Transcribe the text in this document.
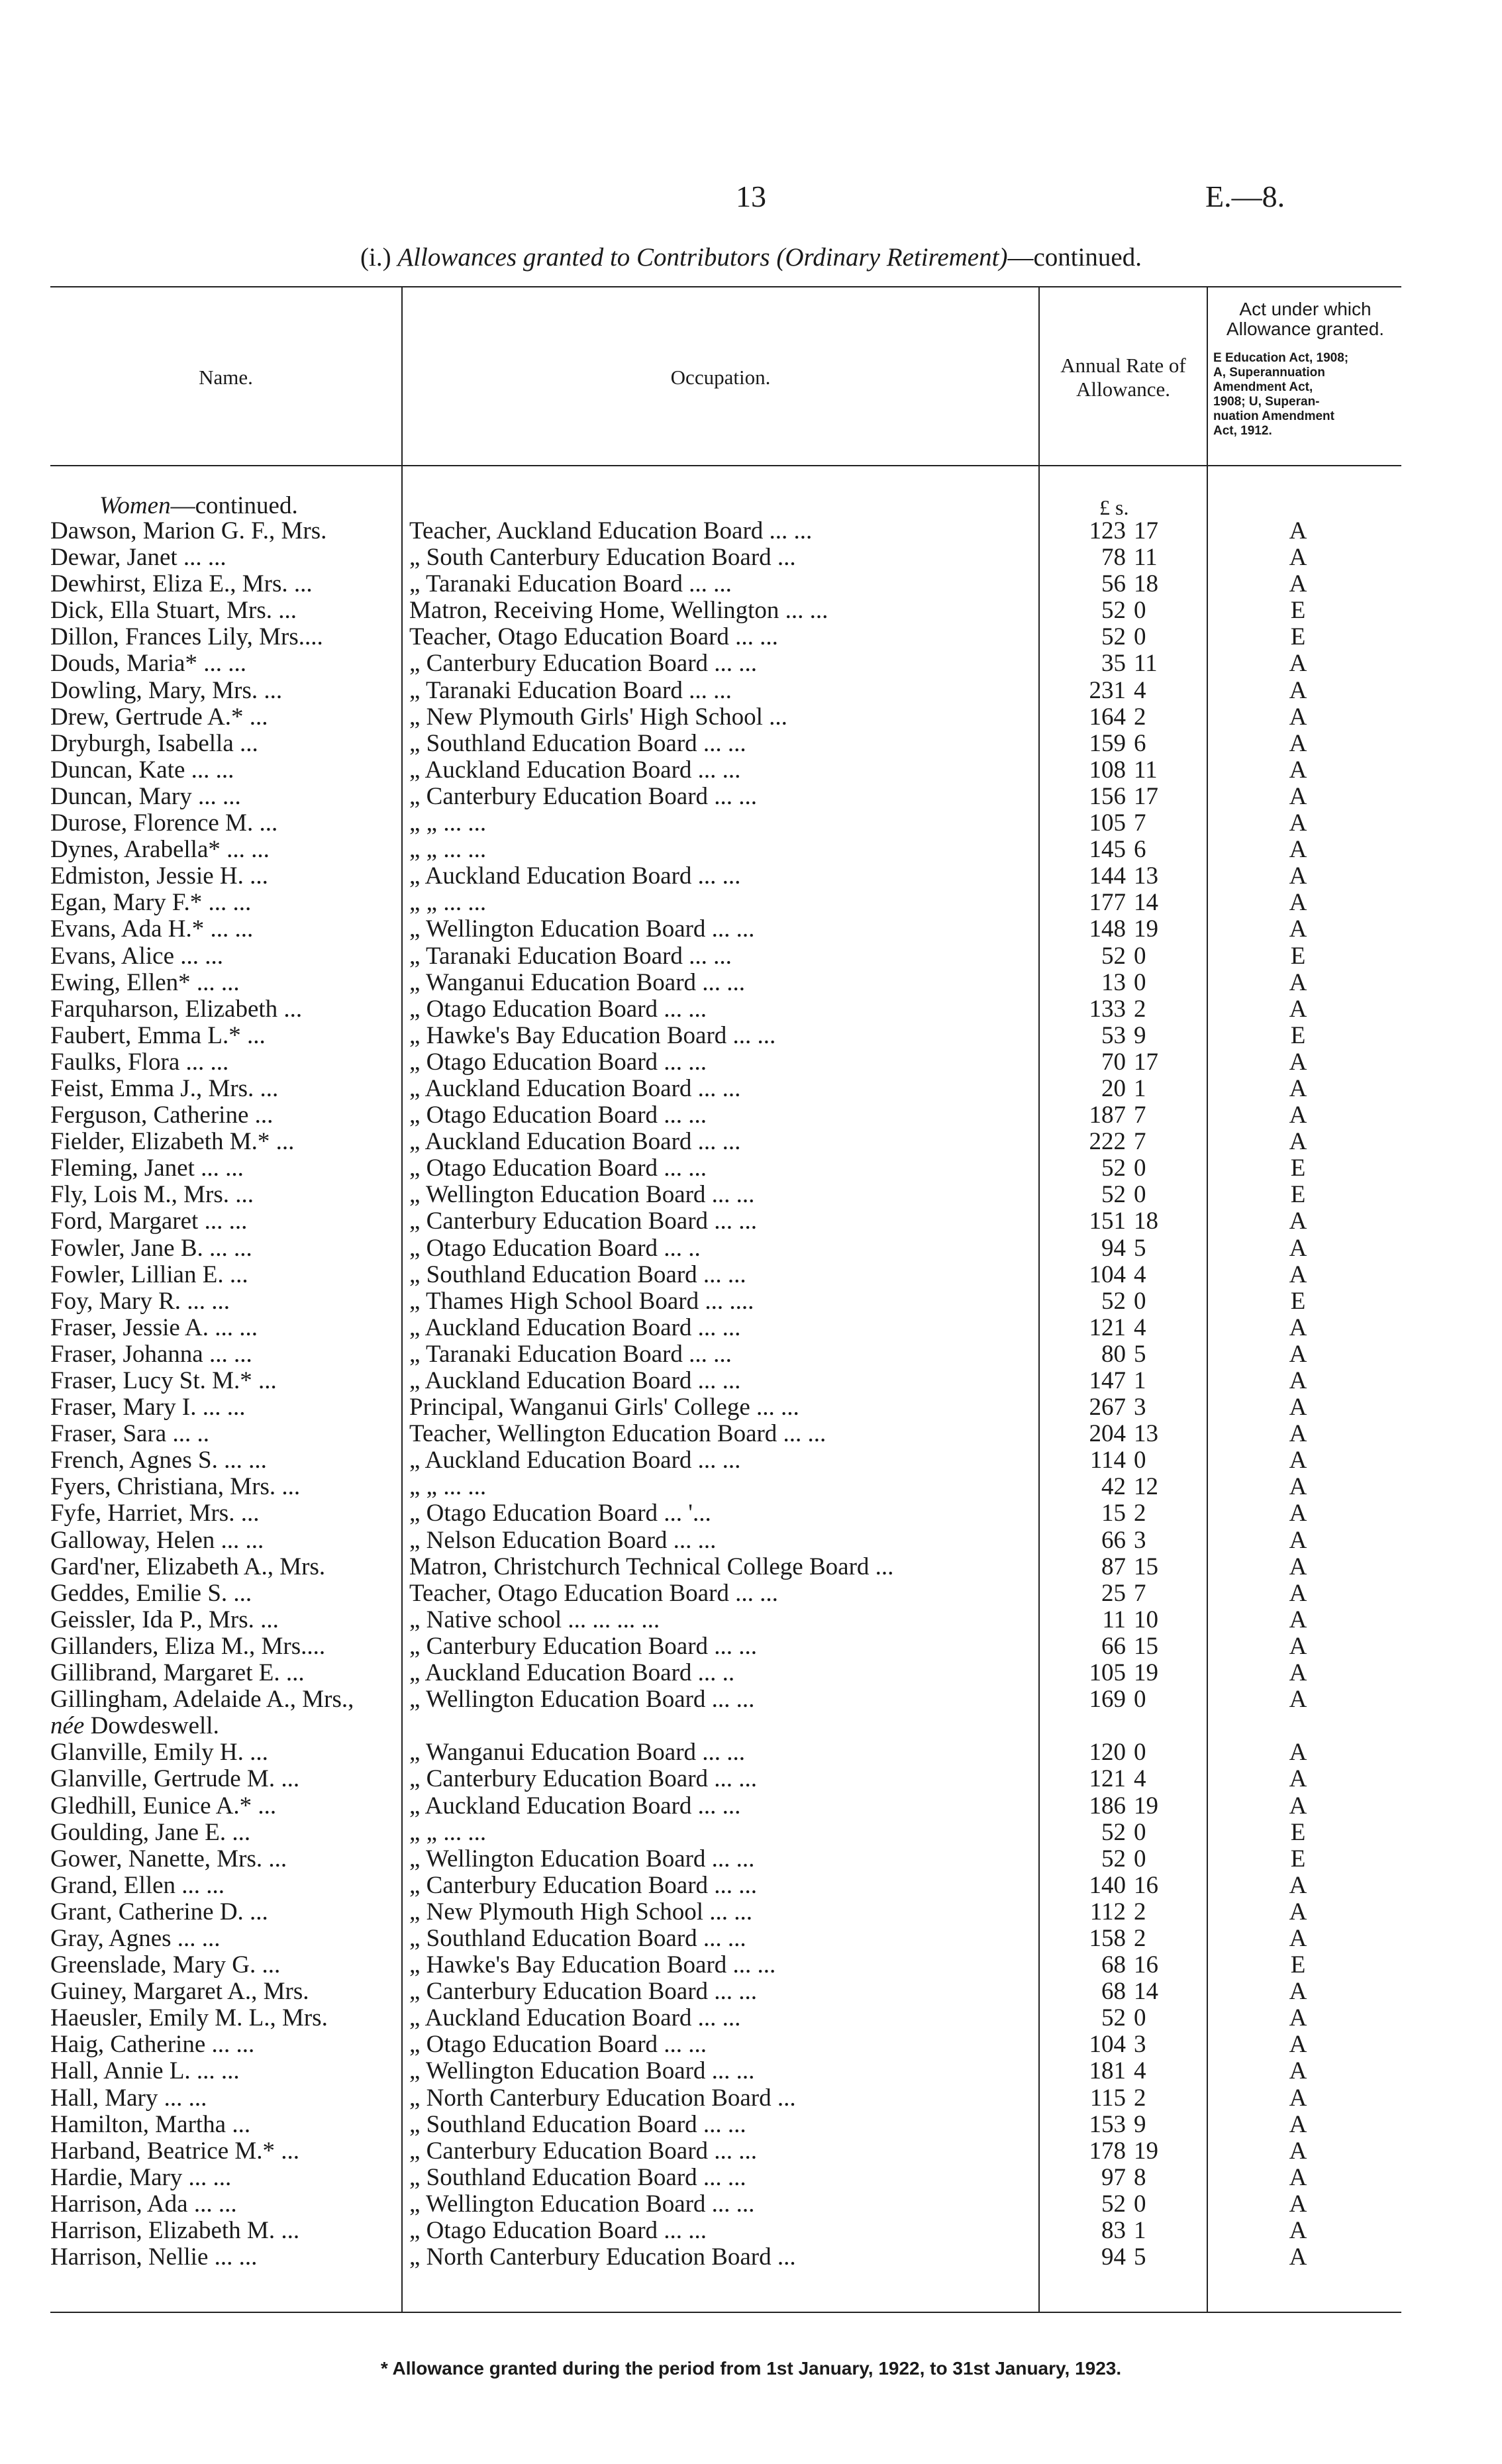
13	E.—8.
(i.) Allowances granted to Contributors (Ordinary Retirement)—continued.
Name.	Occupation.
Annual Rate of
Allowance.
Act under which
Allowance granted.
E Education Act, 1908;
A, Superannuation
Amendment Act,
1908; U, Superan-
nuation Amendment
Act, 1912.
Women—continued.	£ s.
Dawson, Marion G. F., Mrs.	Teacher, Auckland Education Board ... ...	123 17	A
Dewar, Janet ... ...	„ South Canterbury Education Board ...	78 11	A
Dewhirst, Eliza E., Mrs. ...	„ Taranaki Education Board ... ...	56 18	A
Dick, Ella Stuart, Mrs. ...	Matron, Receiving Home, Wellington ... ...	52 0	E
Dillon, Frances Lily, Mrs....	Teacher, Otago Education Board ... ...	52 0	E
Douds, Maria* ... ...	„ Canterbury Education Board ... ...	35 11	A
Dowling, Mary, Mrs. ...	„ Taranaki Education Board ... ...	231 4	A
Drew, Gertrude A.* ...	„ New Plymouth Girls' High School ...	164 2	A
Dryburgh, Isabella ...	„ Southland Education Board ... ...	159 6	A
Duncan, Kate ... ...	„ Auckland Education Board ... ...	108 11	A
Duncan, Mary ... ...	„ Canterbury Education Board ... ...	156 17	A
Durose, Florence M. ...	„ „ ... ...	105 7	A
Dynes, Arabella* ... ...	„ „ ... ...	145 6	A
Edmiston, Jessie H. ...	„ Auckland Education Board ... ...	144 13	A
Egan, Mary F.* ... ...	„ „ ... ...	177 14	A
Evans, Ada H.* ... ...	„ Wellington Education Board ... ...	148 19	A
Evans, Alice ... ...	„ Taranaki Education Board ... ...	52 0	E
Ewing, Ellen* ... ...	„ Wanganui Education Board ... ...	13 0	A
Farquharson, Elizabeth ...	„ Otago Education Board ... ...	133 2	A
Faubert, Emma L.* ...	„ Hawke's Bay Education Board ... ...	53 9	E
Faulks, Flora ... ...	„ Otago Education Board ... ...	70 17	A
Feist, Emma J., Mrs. ...	„ Auckland Education Board ... ...	20 1	A
Ferguson, Catherine ...	„ Otago Education Board ... ...	187 7	A
Fielder, Elizabeth M.* ...	„ Auckland Education Board ... ...	222 7	A
Fleming, Janet ... ...	„ Otago Education Board ... ...	52 0	E
Fly, Lois M., Mrs. ...	„ Wellington Education Board ... ...	52 0	E
Ford, Margaret ... ...	„ Canterbury Education Board ... ...	151 18	A
Fowler, Jane B. ... ...	„ Otago Education Board ... ..	94 5	A
Fowler, Lillian E. ...	„ Southland Education Board ... ...	104 4	A
Foy, Mary R. ... ...	„ Thames High School Board ... ....	52 0	E
Fraser, Jessie A. ... ...	„ Auckland Education Board ... ...	121 4	A
Fraser, Johanna ... ...	„ Taranaki Education Board ... ...	80 5	A
Fraser, Lucy St. M.* ...	„ Auckland Education Board ... ...	147 1	A
Fraser, Mary I. ... ...	Principal, Wanganui Girls' College ... ...	267 3	A
Fraser, Sara ... ..	Teacher, Wellington Education Board ... ...	204 13	A
French, Agnes S. ... ...	„ Auckland Education Board ... ...	114 0	A
Fyers, Christiana, Mrs. ...	„ „ ... ...	42 12	A
Fyfe, Harriet, Mrs. ...	„ Otago Education Board ... '...	15 2	A
Galloway, Helen ... ...	„ Nelson Education Board ... ...	66 3	A
Gard'ner, Elizabeth A., Mrs.	Matron, Christchurch Technical College Board ...	87 15	A
Geddes, Emilie S. ...	Teacher, Otago Education Board ... ...	25 7	A
Geissler, Ida P., Mrs. ...	„ Native school ... ... ... ...	11 10	A
Gillanders, Eliza M., Mrs....	„ Canterbury Education Board ... ...	66 15	A
Gillibrand, Margaret E. ...	„ Auckland Education Board ... ..	105 19	A
Gillingham, Adelaide A., Mrs.,	„ Wellington Education Board ... ...	169 0	A
née Dowdeswell.
Glanville, Emily H. ...	„ Wanganui Education Board ... ...	120 0	A
Glanville, Gertrude M. ...	„ Canterbury Education Board ... ...	121 4	A
Gledhill, Eunice A.* ...	„ Auckland Education Board ... ...	186 19	A
Goulding, Jane E. ...	„ „ ... ...	52 0	E
Gower, Nanette, Mrs. ...	„ Wellington Education Board ... ...	52 0	E
Grand, Ellen ... ...	„ Canterbury Education Board ... ...	140 16	A
Grant, Catherine D. ...	„ New Plymouth High School ... ...	112 2	A
Gray, Agnes ... ...	„ Southland Education Board ... ...	158 2	A
Greenslade, Mary G. ...	„ Hawke's Bay Education Board ... ...	68 16	E
Guiney, Margaret A., Mrs.	„ Canterbury Education Board ... ...	68 14	A
Haeusler, Emily M. L., Mrs.	„ Auckland Education Board ... ...	52 0	A
Haig, Catherine ... ...	„ Otago Education Board ... ...	104 3	A
Hall, Annie L. ... ...	„ Wellington Education Board ... ...	181 4	A
Hall, Mary ... ...	„ North Canterbury Education Board ...	115 2	A
Hamilton, Martha ...	„ Southland Education Board ... ...	153 9	A
Harband, Beatrice M.* ...	„ Canterbury Education Board ... ...	178 19	A
Hardie, Mary ... ...	„ Southland Education Board ... ...	97 8	A
Harrison, Ada ... ...	„ Wellington Education Board ... ...	52 0	A
Harrison, Elizabeth M. ...	„ Otago Education Board ... ...	83 1	A
Harrison, Nellie ... ...	„ North Canterbury Education Board ...	94 5	A
* Allowance granted during the period from 1st January, 1922, to 31st January, 1923.
